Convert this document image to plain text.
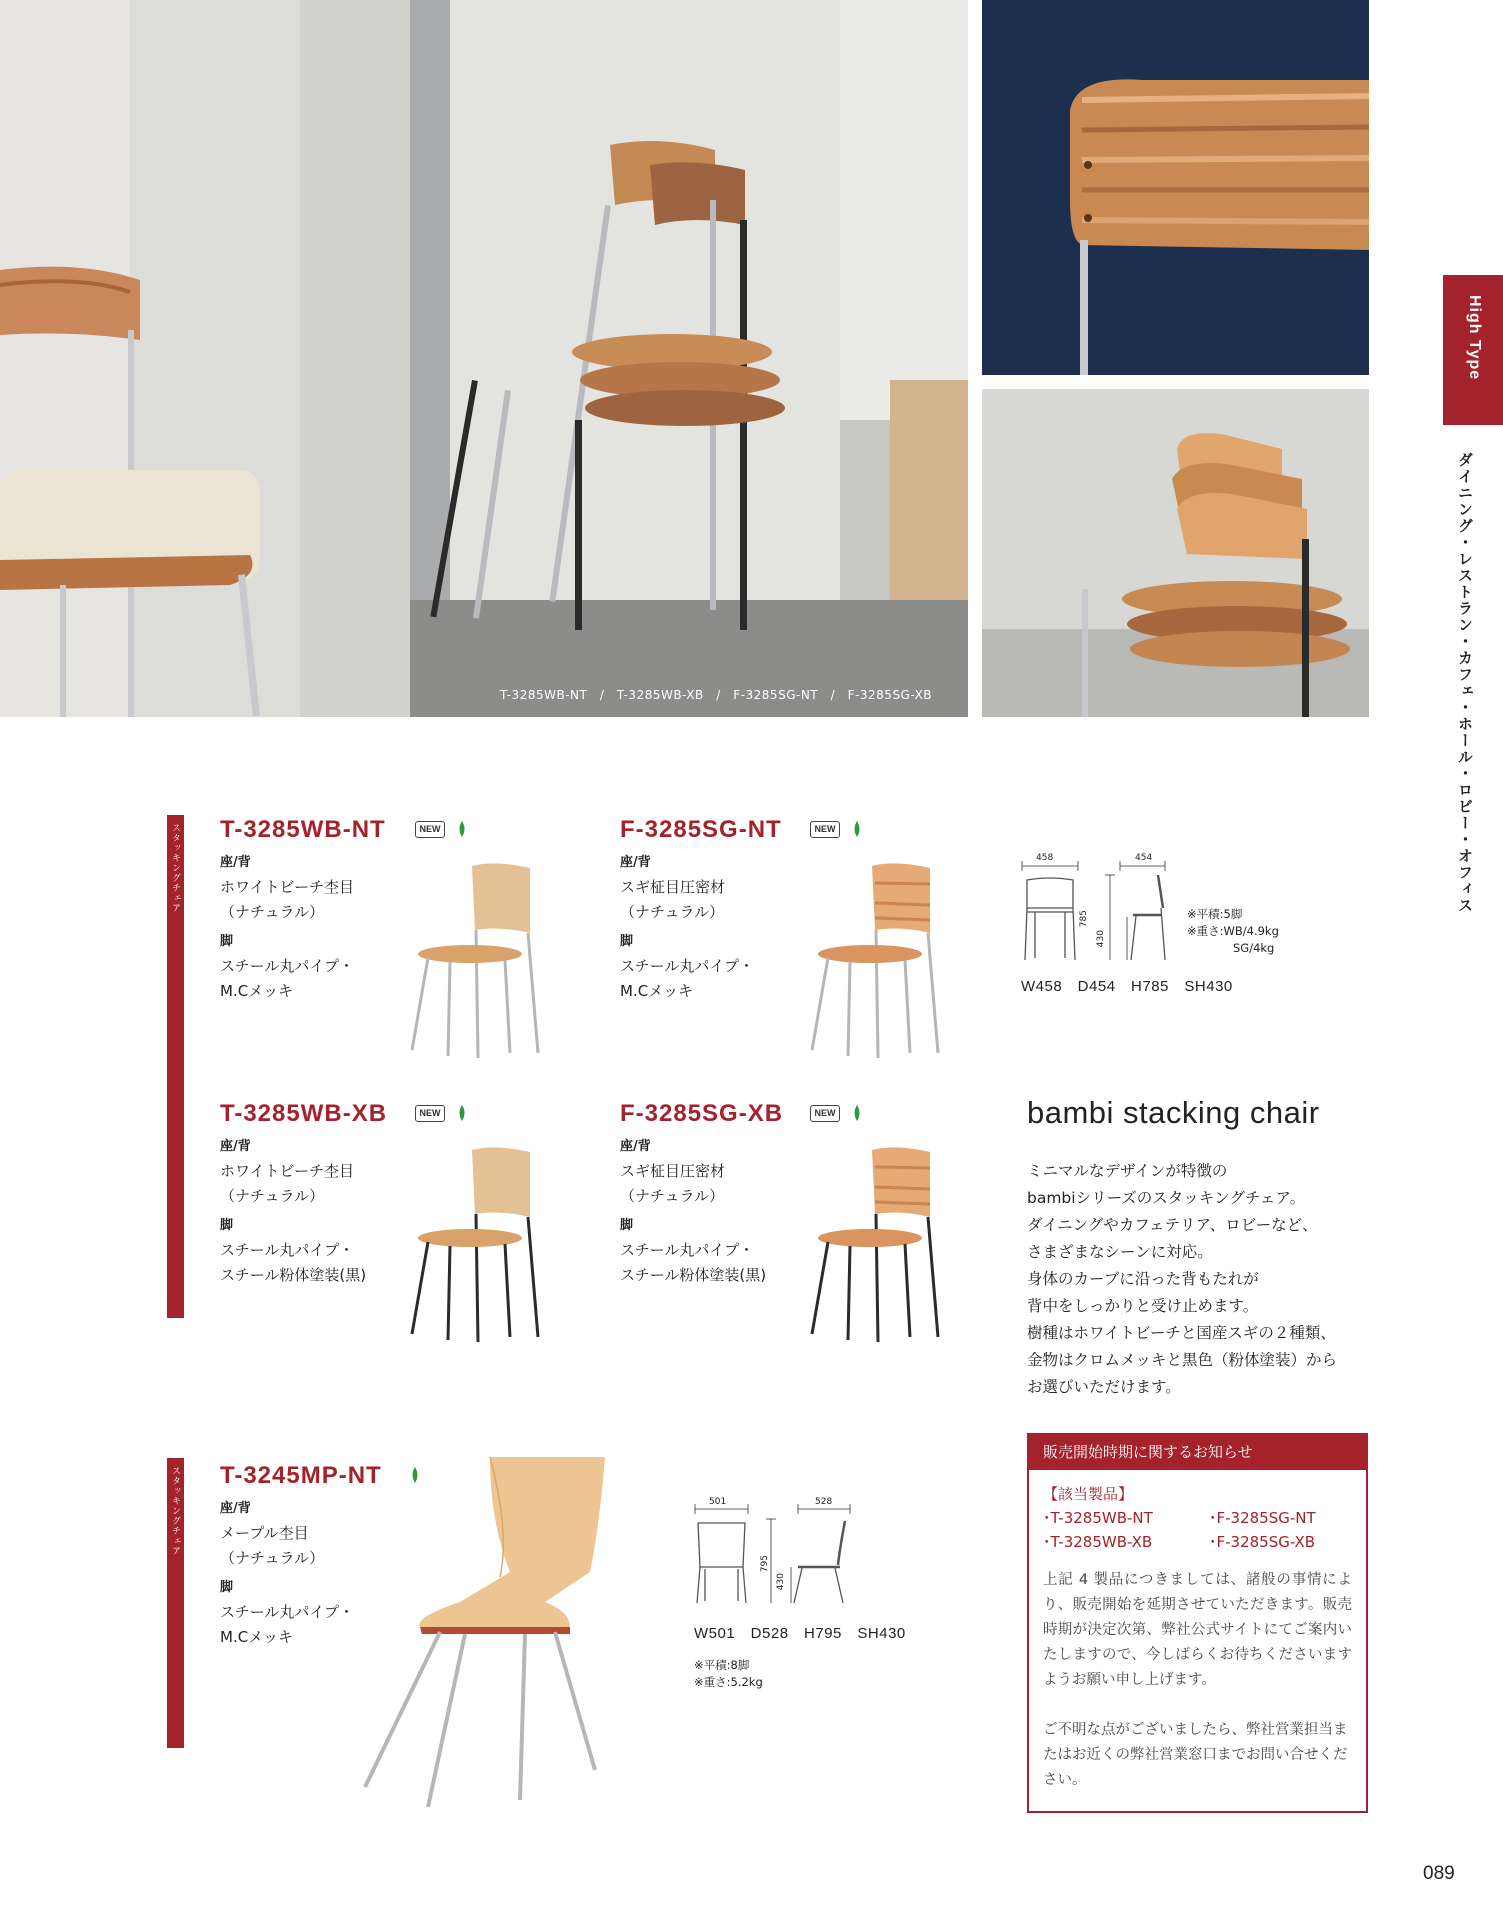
T-3285WB-NT　/　T-3285WB-XB　/　F-3285SG-NT　/　F-3285SG-XB
High Type
ダイニング・レストラン・カフェ・ホール・ロビー・オフィス
スタッキングチェア
スタッキングチェア
T-3285WB-NT	NEW
座/背
ホワイトビーチ杢目
（ナチュラル）
脚
スチール丸パイプ・
M.Cメッキ
F-3285SG-NT	NEW
座/背
スギ柾目圧密材
（ナチュラル）
脚
スチール丸パイプ・
M.Cメッキ
458	454
785
430
※平積:5脚
※重さ:WB/4.9kg
　　　　SG/4kg
W458　D454　H785　SH430
T-3285WB-XB	NEW
座/背
ホワイトビーチ杢目
（ナチュラル）
脚
スチール丸パイプ・
スチール粉体塗装(黒)
F-3285SG-XB	NEW
座/背
スギ柾目圧密材
（ナチュラル）
脚
スチール丸パイプ・
スチール粉体塗装(黒)
bambi stacking chair
ミニマルなデザインが特徴の
bambiシリーズのスタッキングチェア。
ダイニングやカフェテリア、ロビーなど、
さまざまなシーンに対応。
身体のカーブに沿った背もたれが
背中をしっかりと受け止めます。
樹種はホワイトビーチと国産スギの２種類、
金物はクロムメッキと黒色（粉体塗装）から
お選びいただけます。
T-3245MP-NT
座/背
メープル杢目
（ナチュラル）
脚
スチール丸パイプ・
M.Cメッキ
501	528
795
430
W501　D528　H795　SH430
※平積:8脚
※重さ:5.2kg
販売開始時期に関するお知らせ
【該当製品】
･T-3285WB-NT	･F-3285SG-NT
･T-3285WB-XB	･F-3285SG-XB
上記 4 製品につきましては、諸般の事情により、販売開始を延期させていただきます。販売時期が決定次第、弊社公式サイトにてご案内いたしますので、今しばらくお待ちくださいますようお願い申し上げます。
ご不明な点がございましたら、弊社営業担当またはお近くの弊社営業窓口までお問い合せください。
089
